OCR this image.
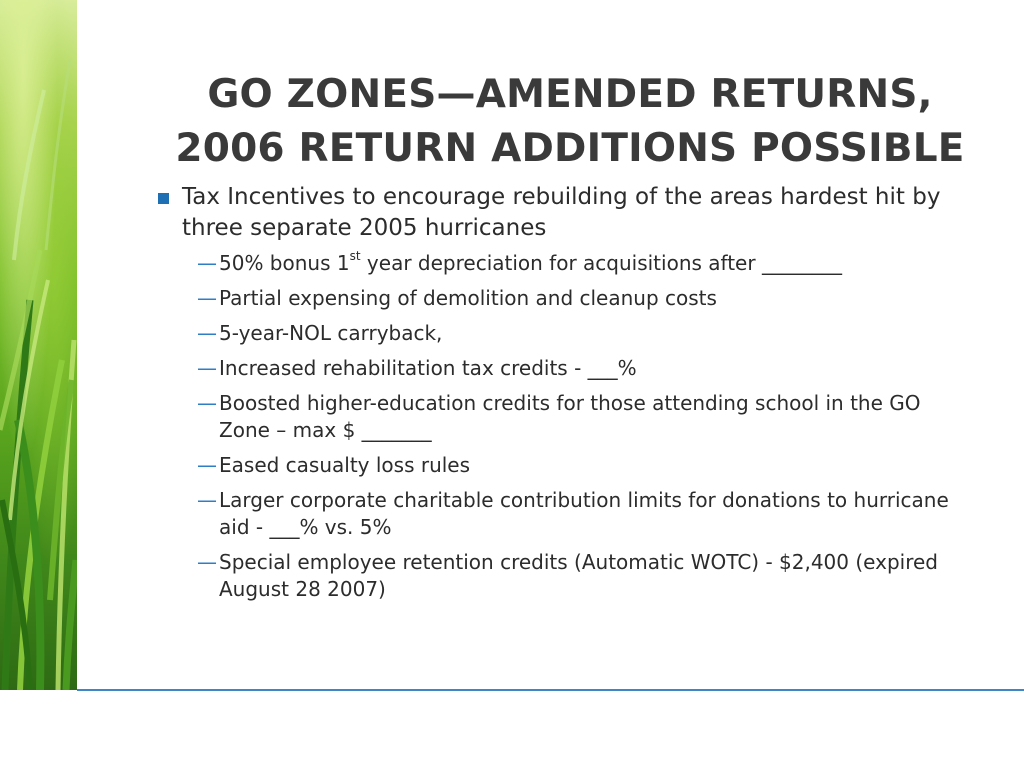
GO ZONES—AMENDED RETURNS,
2006 RETURN ADDITIONS POSSIBLE
Tax Incentives to encourage rebuilding of the areas hardest hit by three separate 2005 hurricanes
— 50% bonus 1st year depreciation for acquisitions after ________
— Partial expensing of demolition and cleanup costs
— 5-year-NOL carryback,
— Increased rehabilitation tax credits - ___%
— Boosted higher-education credits for those attending school in the GO Zone – max $ _______
— Eased casualty loss rules
— Larger corporate charitable contribution limits for donations to hurricane aid - ___% vs. 5%
— Special employee retention credits (Automatic WOTC) - $2,400 (expired August 28 2007)
